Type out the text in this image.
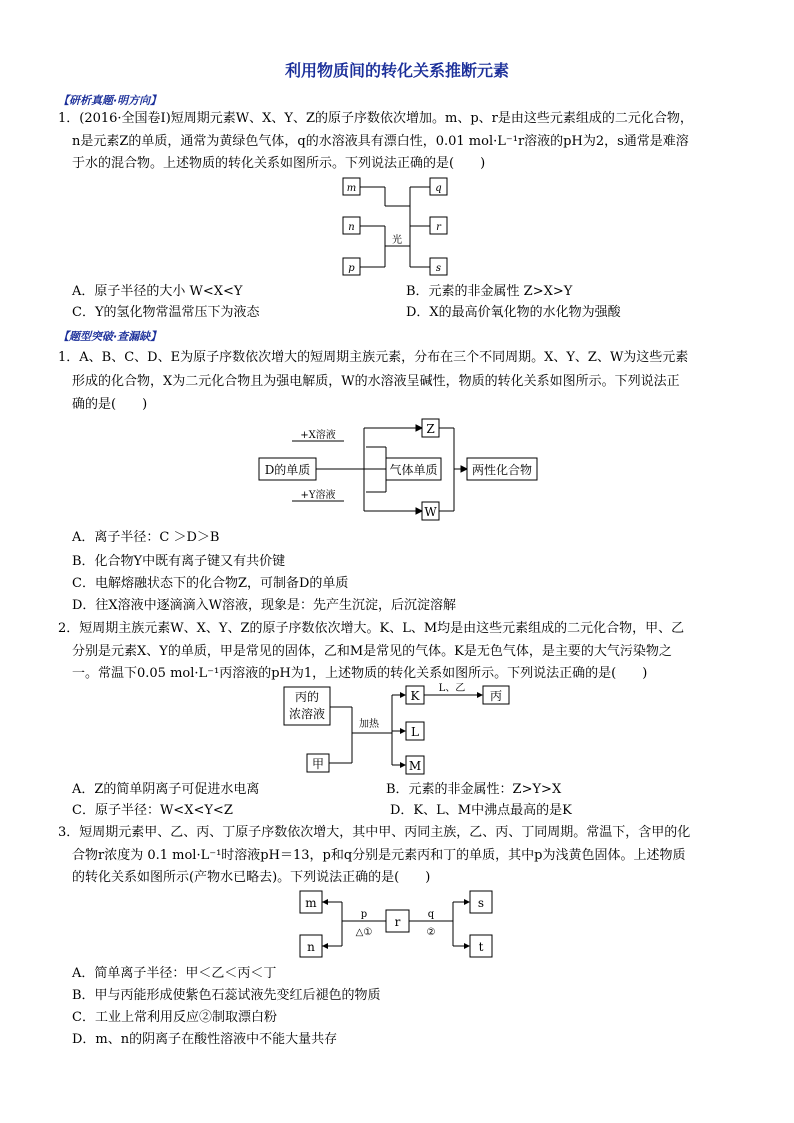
利用物质间的转化关系推断元素
【研析真题·明方向】
1．(2016·全国卷Ⅰ)短周期元素W、X、Y、Z的原子序数依次增加。m、p、r是由这些元素组成的二元化合物，
n是元素Z的单质，通常为黄绿色气体，q的水溶液具有漂白性，0.01 mol·L⁻¹r溶液的pH为2，s通常是难溶
于水的混合物。上述物质的转化关系如图所示。下列说法正确的是(　　)
m
n
p
q
r
s
光
A．原子半径的大小 W<X<Y	B．元素的非金属性 Z>X>Y
C．Y的氢化物常温常压下为液态	D．X的最高价氧化物的水化物为强酸
【题型突破·查漏缺】
1．A、B、C、D、E为原子序数依次增大的短周期主族元素，分布在三个不同周期。X、Y、Z、W为这些元素
形成的化合物，X为二元化合物且为强电解质，W的水溶液呈碱性，物质的转化关系如图所示。下列说法正
确的是(　　)
D的单质
Z
气体单质
W
两性化合物
+X溶液
+Y溶液
A．离子半径：C ＞D＞B
B．化合物Y中既有离子键又有共价键
C．电解熔融状态下的化合物Z，可制备D的单质
D．往X溶液中逐滴滴入W溶液，现象是：先产生沉淀，后沉淀溶解
2．短周期主族元素W、X、Y、Z的原子序数依次增大。K、L、M均是由这些元素组成的二元化合物，甲、乙
分别是元素X、Y的单质，甲是常见的固体，乙和M是常见的气体。K是无色气体，是主要的大气污染物之
一。常温下0.05 mol·L⁻¹丙溶液的pH为1，上述物质的转化关系如图所示。下列说法正确的是(　　)
丙的
浓溶液
甲
加热
K
L
M
L、乙
丙
A．Z的简单阴离子可促进水电离	B．元素的非金属性：Z>Y>X
C．原子半径：W<X<Y<Z	D．K、L、M中沸点最高的是K
3．短周期元素甲、乙、丙、丁原子序数依次增大，其中甲、丙同主族，乙、丙、丁同周期。常温下，含甲的化
合物r浓度为 0.1 mol·L⁻¹时溶液pH＝13，p和q分别是元素丙和丁的单质，其中p为浅黄色固体。上述物质
的转化关系如图所示(产物水已略去)。下列说法正确的是(　　)
m
n
r
s
t
p
△①
q
②
A．简单离子半径：甲＜乙＜丙＜丁
B．甲与丙能形成使紫色石蕊试液先变红后褪色的物质
C．工业上常利用反应②制取漂白粉
D．m、n的阴离子在酸性溶液中不能大量共存
